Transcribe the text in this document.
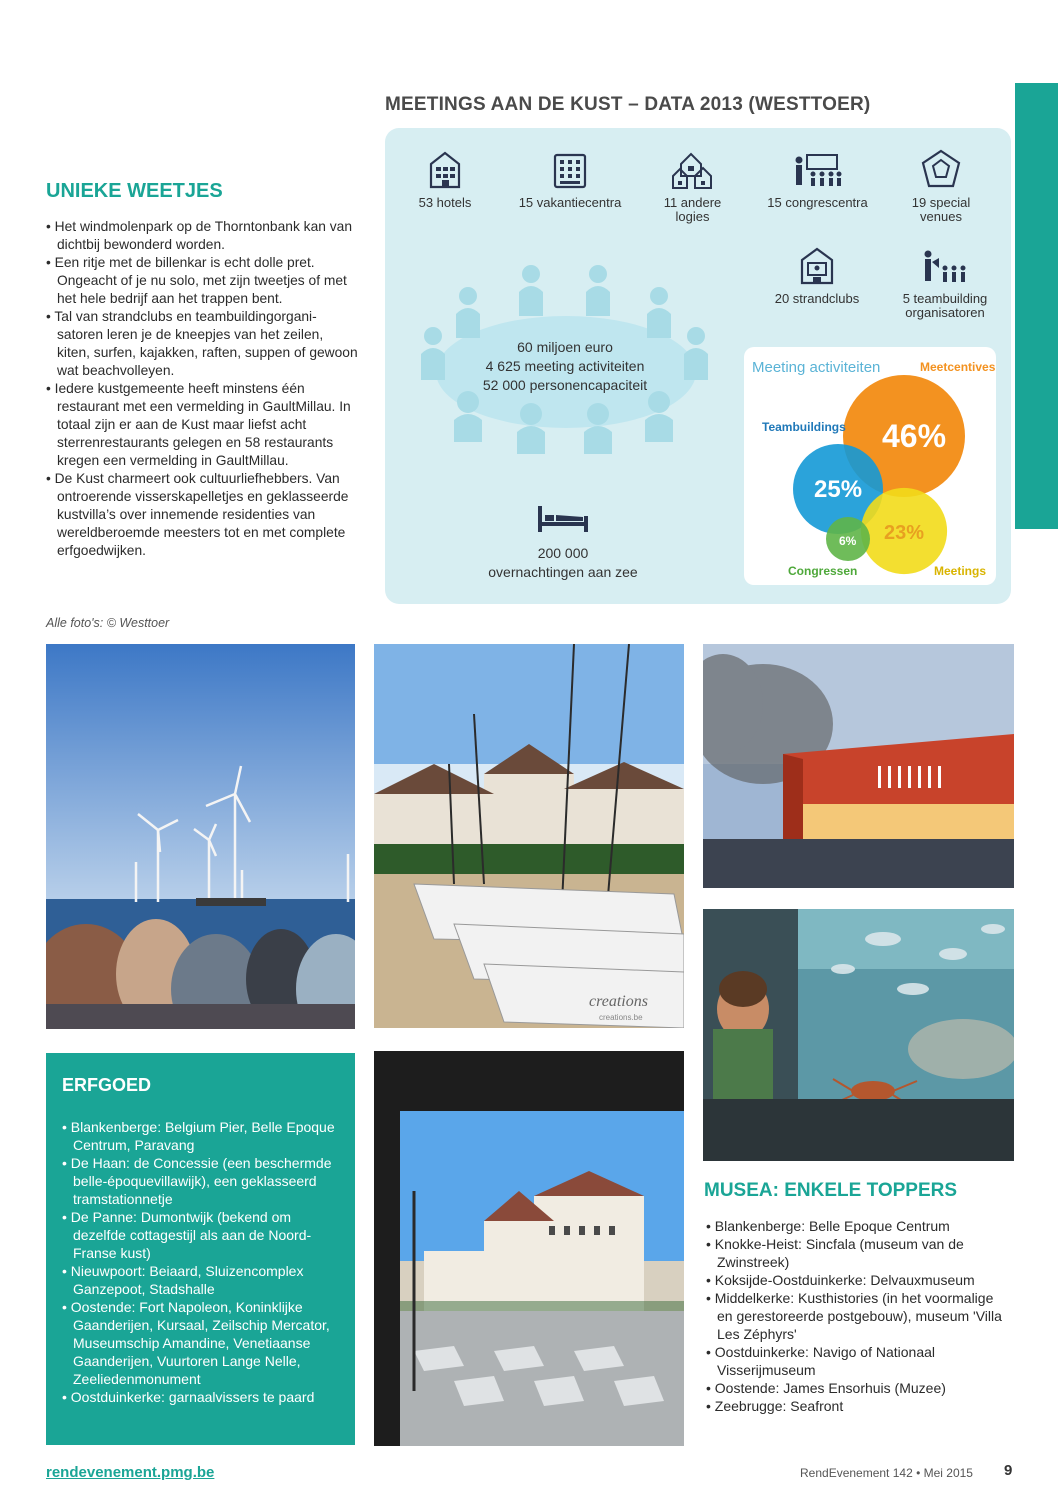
MEETINGS AAN DE KUST – DATA 2013 (WESTTOER)
53 hotels	15 vakantiecentra	11 andere logies
15 congrescentra	19 special venues
20 strandclubs	5 teambuilding organisatoren
60 miljoen euro
4 625 meeting activiteiten
52 000 personencapaciteit
200 000
overnachtingen aan zee
Meeting activiteiten
46%
Meetcentives
25%
Teambuildings
23%
Meetings
6%
Congressen
UNIEKE WEETJES
• Het windmolenpark op de Thorntonbank kan van dichtbij bewonderd worden.
• Een ritje met de billenkar is echt dolle pret. Ongeacht of je nu solo, met zijn tweetjes of met het hele bedrijf aan het trappen bent.
• Tal van strandclubs en teambuildingorganisatoren leren je de kneepjes van het zeilen, kiten, surfen, kajakken, raften, suppen of gewoon wat beachvolleyen.
• Iedere kustgemeente heeft minstens één restaurant met een vermelding in GaultMillau. In totaal zijn er aan de Kust maar liefst acht sterrenrestaurants gelegen en 58 restaurants kregen een vermelding in GaultMillau.
• De Kust charmeert ook cultuurliefhebbers. Van ontroerende visserskapelletjes en geklasseerde kustvilla’s over innemende residenties van wereldberoemde meesters tot en met complete erfgoedwijken.
Alle foto's: © Westtoer
creations
creations.be
ERFGOED
• Blankenberge: Belgium Pier, Belle Epoque Centrum, Paravang
• De Haan: de Concessie (een beschermde belle-époquevillawijk), een geklasseerd tramstationnetje
• De Panne: Dumontwijk (bekend om dezelfde cottagestijl als aan de Noord-Franse kust)
• Nieuwpoort: Beiaard, Sluizencomplex Ganzepoot, Stadshalle
• Oostende: Fort Napoleon, Koninklijke Gaanderijen, Kursaal, Zeilschip Mercator, Museumschip Amandine, Venetiaanse Gaanderijen, Vuurtoren Lange Nelle, Zeeliedenmonument
• Oostduinkerke: garnaalvissers te paard
MUSEA: ENKELE TOPPERS
• Blankenberge: Belle Epoque Centrum
• Knokke-Heist: Sincfala (museum van de Zwinstreek)
• Koksijde-Oostduinkerke: Delvauxmuseum
• Middelkerke: Kusthistories (in het voormalige en gerestoreerde postgebouw), museum 'Villa Les Zéphyrs'
• Oostduinkerke: Navigo of Nationaal Visserijmuseum
• Oostende: James Ensorhuis (Muzee)
• Zeebrugge: Seafront
rendevenement.pmg.be	RendEvenement 142 • Mei 2015 9
